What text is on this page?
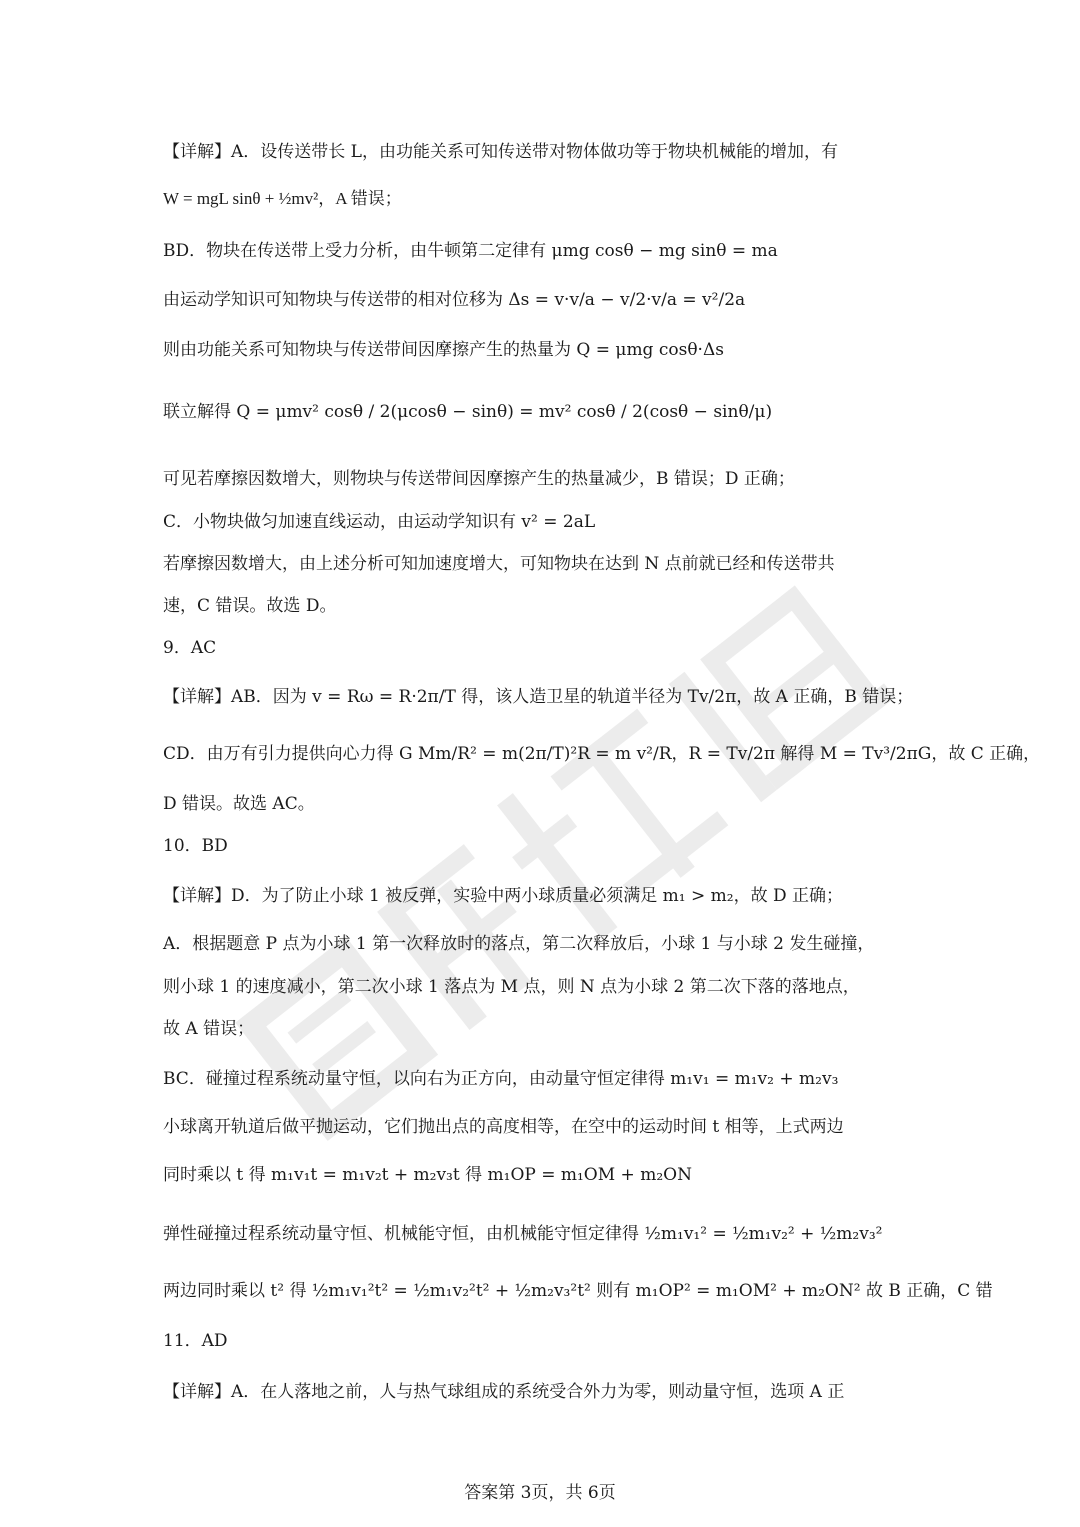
【详解】A．设传送带长 L，由功能关系可知传送带对物体做功等于物块机械能的增加，有
W = mgL sinθ + ½mv²，A 错误；
BD．物块在传送带上受力分析，由牛顿第二定律有 μmg cosθ − mg sinθ = ma
由运动学知识可知物块与传送带的相对位移为 Δs = v·v/a − v/2·v/a = v²/2a
则由功能关系可知物块与传送带间因摩擦产生的热量为 Q = μmg cosθ·Δs
联立解得 Q = μmv² cosθ / 2(μcosθ − sinθ) = mv² cosθ / 2(cosθ − sinθ/μ)
可见若摩擦因数增大，则物块与传送带间因摩擦产生的热量减少，B 错误；D 正确；
C．小物块做匀加速直线运动，由运动学知识有 v² = 2aL
若摩擦因数增大，由上述分析可知加速度增大，可知物块在达到 N 点前就已经和传送带共
速，C 错误。故选 D。
9．AC
【详解】AB．因为 v = Rω = R·2π/T 得，该人造卫星的轨道半径为 Tv/2π，故 A 正确，B 错误；
CD．由万有引力提供向心力得 G Mm/R² = m(2π/T)²R = m v²/R，R = Tv/2π 解得 M = Tv³/2πG，故 C 正确，
D 错误。故选 AC。
10．BD
【详解】D．为了防止小球 1 被反弹，实验中两小球质量必须满足 m₁ > m₂，故 D 正确；
A．根据题意 P 点为小球 1 第一次释放时的落点，第二次释放后，小球 1 与小球 2 发生碰撞，
则小球 1 的速度减小，第二次小球 1 落点为 M 点，则 N 点为小球 2 第二次下落的落地点，
故 A 错误；
BC．碰撞过程系统动量守恒，以向右为正方向，由动量守恒定律得 m₁v₁ = m₁v₂ + m₂v₃
小球离开轨道后做平抛运动，它们抛出点的高度相等，在空中的运动时间 t 相等，上式两边
同时乘以 t 得 m₁v₁t = m₁v₂t + m₂v₃t 得 m₁OP = m₁OM + m₂ON
弹性碰撞过程系统动量守恒、机械能守恒，由机械能守恒定律得 ½m₁v₁² = ½m₁v₂² + ½m₂v₃²
两边同时乘以 t² 得 ½m₁v₁²t² = ½m₁v₂²t² + ½m₂v₃²t² 则有 m₁OP² = m₁OM² + m₂ON² 故 B 正确，C 错
11．AD
【详解】A．在人落地之前，人与热气球组成的系统受合外力为零，则动量守恒，选项 A 正
答案第 3页，共 6页
